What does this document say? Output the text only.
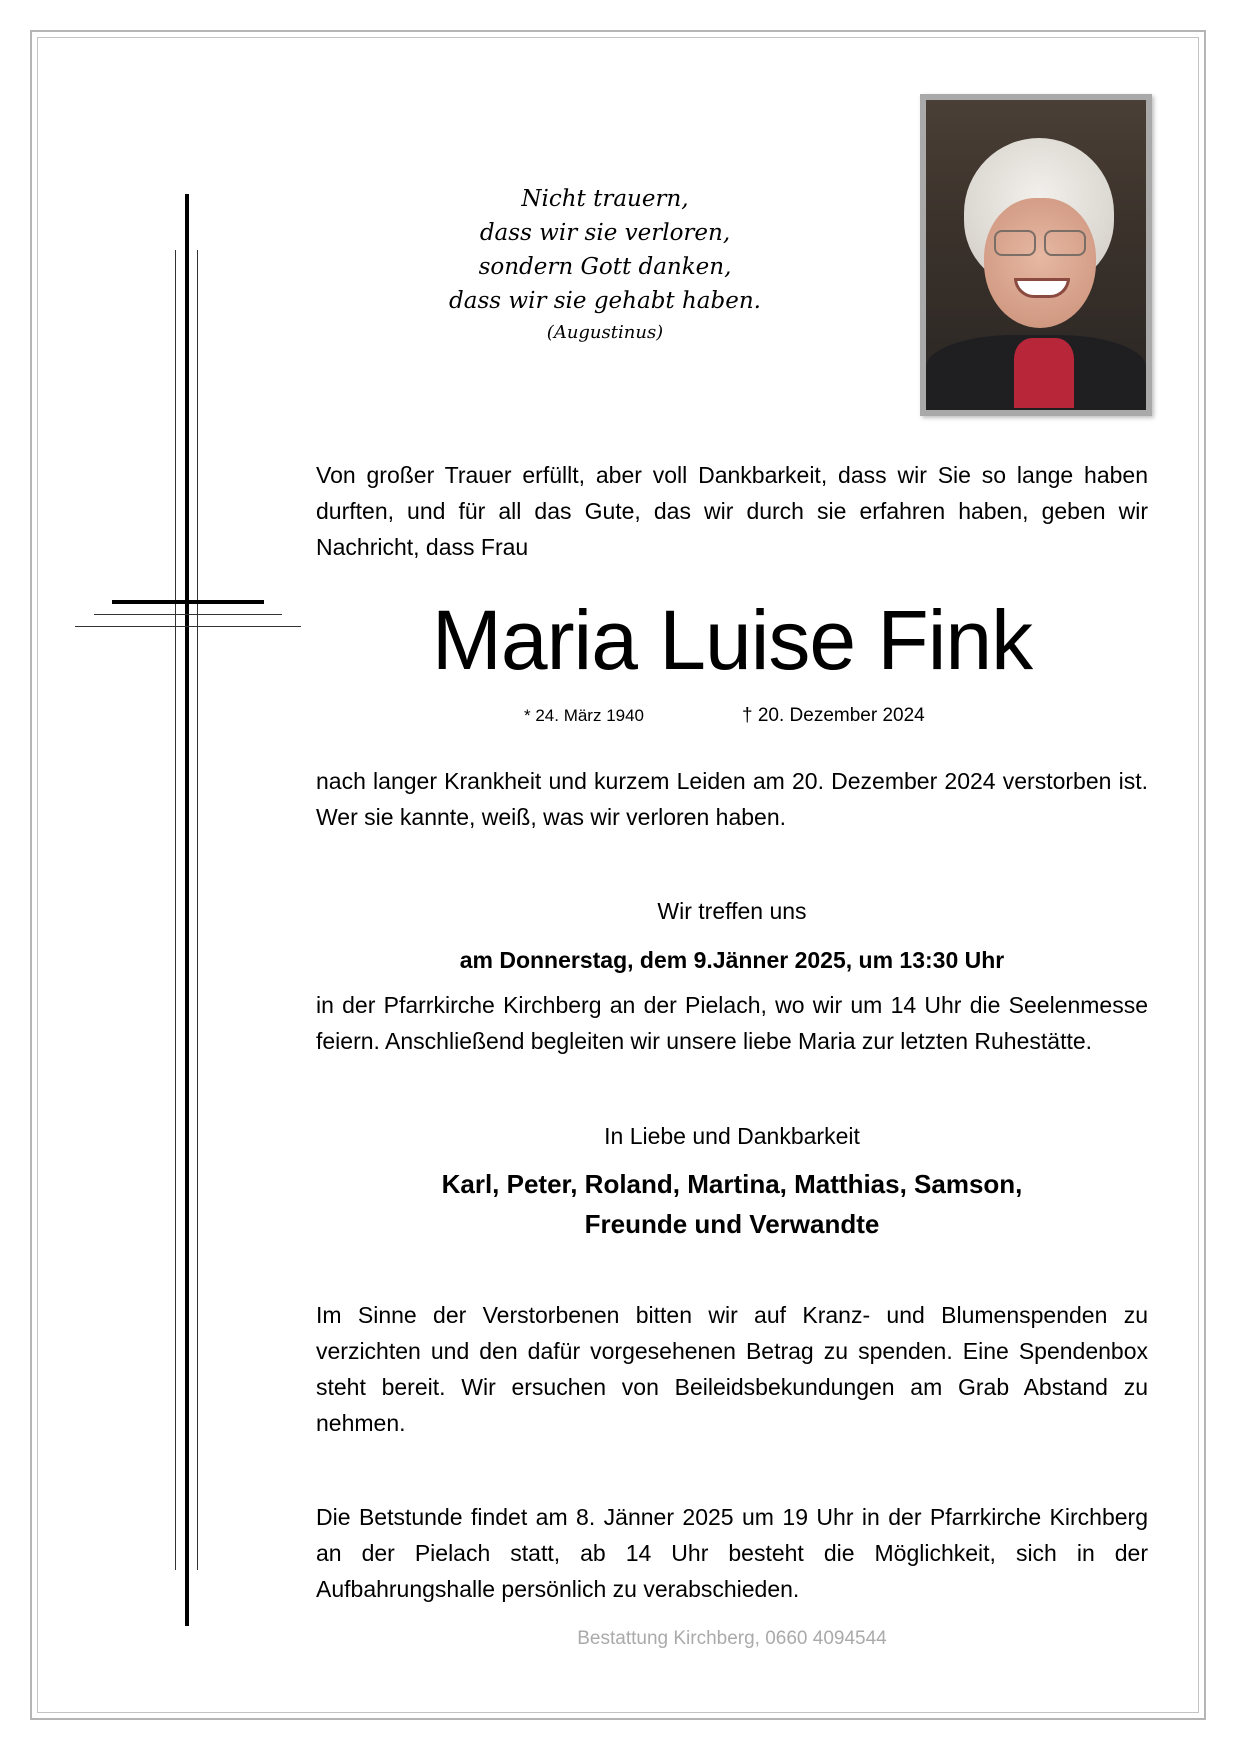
Nicht trauern,
dass wir sie verloren,
sondern Gott danken,
dass wir sie gehabt haben.
(Augustinus)
Von großer Trauer erfüllt, aber voll Dankbarkeit, dass wir Sie so lange haben durften, und für all das Gute, das wir durch sie erfahren haben, geben wir Nachricht, dass Frau
Maria Luise Fink
* 24. März 1940	† 20. Dezember 2024
nach langer Krankheit und kurzem Leiden am 20. Dezember 2024 verstorben ist. Wer sie kannte, weiß, was wir verloren haben.
Wir treffen uns
am Donnerstag, dem 9.Jänner 2025, um 13:30 Uhr
in der Pfarrkirche Kirchberg an der Pielach, wo wir um 14 Uhr die Seelenmesse feiern. Anschließend begleiten wir unsere liebe Maria zur letzten Ruhestätte.
In Liebe und Dankbarkeit
Karl, Peter, Roland, Martina, Matthias, Samson,
Freunde und Verwandte
Im Sinne der Verstorbenen bitten wir auf Kranz- und Blumenspenden zu verzichten und den dafür vorgesehenen Betrag zu spenden. Eine Spendenbox steht bereit. Wir ersuchen von Beileidsbekundungen am Grab Abstand zu nehmen.
Die Betstunde findet am 8. Jänner 2025 um 19 Uhr in der Pfarrkirche Kirchberg an der Pielach statt, ab 14 Uhr besteht die Möglichkeit, sich in der Aufbahrungshalle persönlich zu verabschieden.
Bestattung Kirchberg, 0660 4094544
